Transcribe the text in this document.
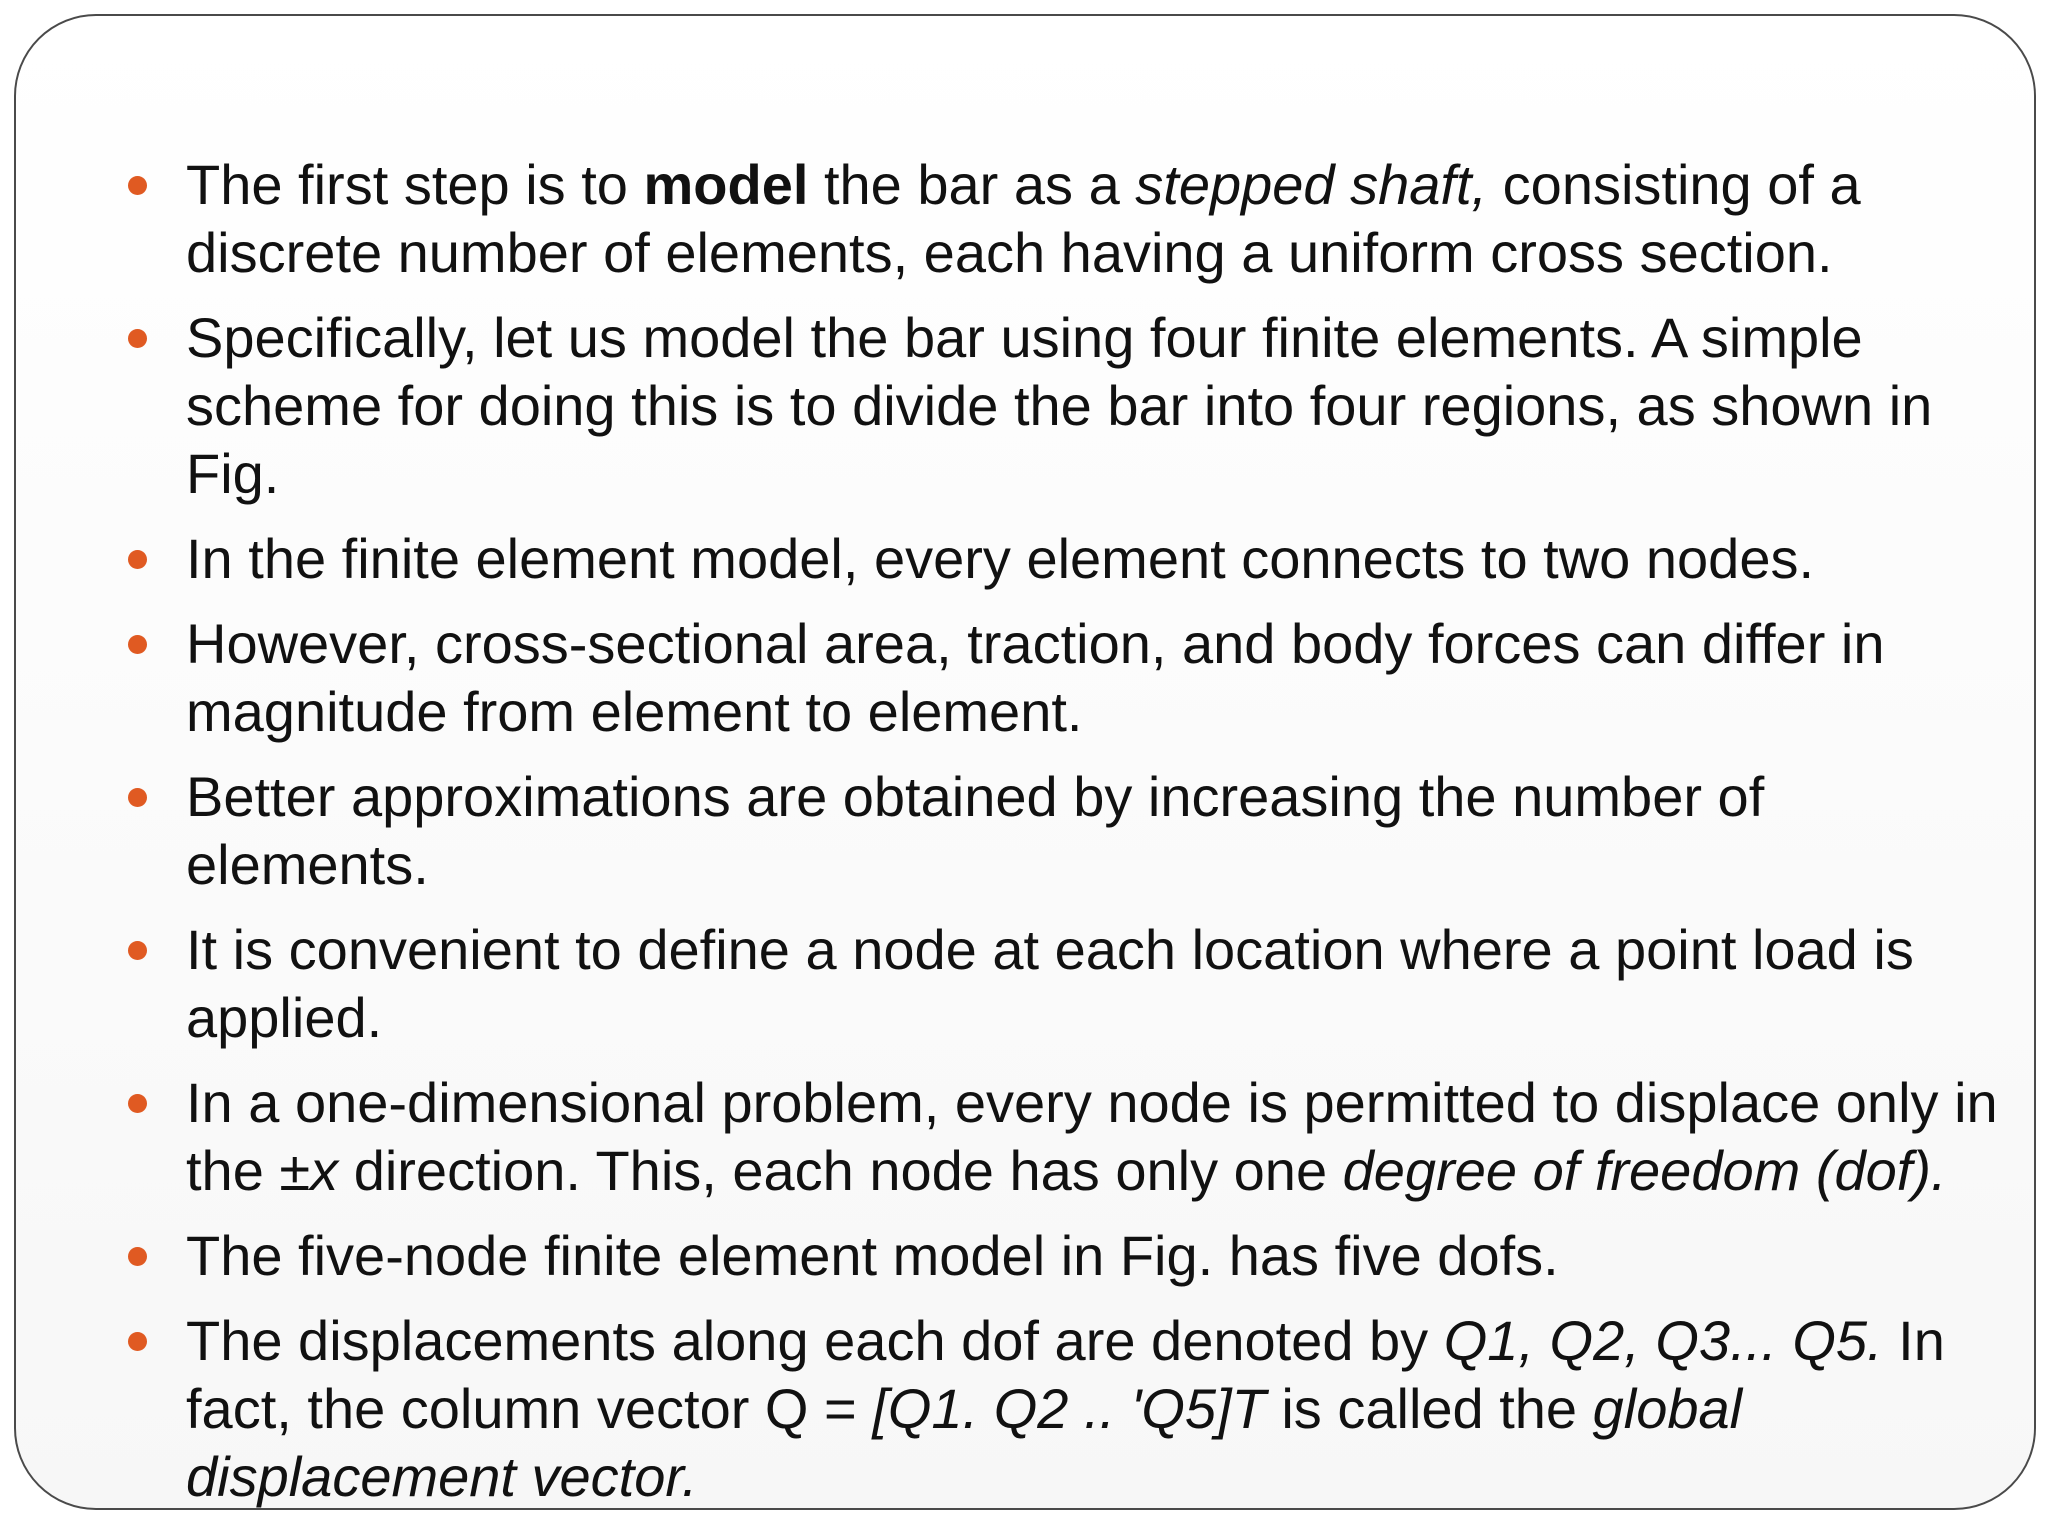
The first step is to model the bar as a stepped shaft, consisting of a discrete number of elements, each having a uniform cross section.
Specifically, let us model the bar using four finite elements. A simple scheme for doing this is to divide the bar into four regions, as shown in Fig.
In the finite element model, every element connects to two nodes.
However, cross-sectional area, traction, and body forces can differ in magnitude from element to element.
Better approximations are obtained by increasing the number of elements.
It is convenient to define a node at each location where a point load is applied.
In a one-dimensional problem, every node is permitted to displace only in the ±x direction. This, each node has only one degree of freedom (dof).
The five-node finite element model in Fig. has five dofs.
The displacements along each dof are denoted by Q1, Q2, Q3... Q5. In fact, the column vector Q = [Q1. Q2 .. 'Q5]T is called the global displacement vector.
